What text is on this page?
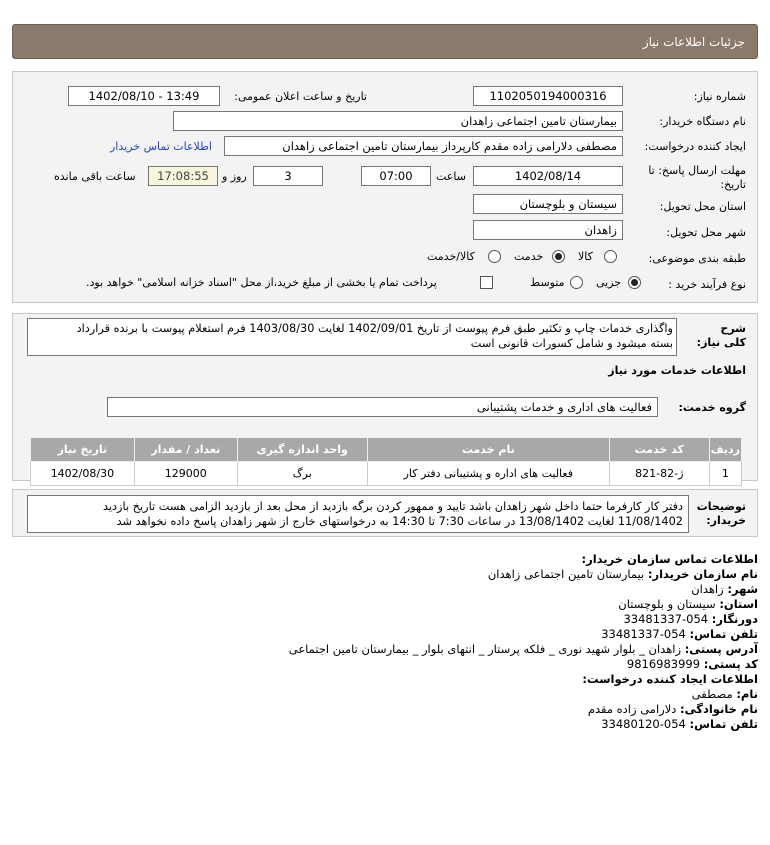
جزئیات اطلاعات نیاز
شماره نیاز:
1102050194000316
تاریخ و ساعت اعلان عمومی:
1402/08/10 - 13:49
نام دستگاه خریدار:
بیمارستان تامین اجتماعی زاهدان
ایجاد کننده درخواست:
مصطفی دلارامی زاده مقدم کارپرداز بیمارستان تامین اجتماعی زاهدان
اطلاعات تماس خریدار
مهلت ارسال پاسخ: تا تاریخ:
1402/08/14
ساعت
07:00
3
روز و
17:08:55
ساعت باقی مانده
استان محل تحویل:
سیستان و بلوچستان
شهر محل تحویل:
زاهدان
طبقه بندی موضوعی:
کالا
خدمت
کالا/خدمت
نوع فرآیند خرید :
جزیی
متوسط
پرداخت تمام یا بخشی از مبلغ خرید،از محل "اسناد خزانه اسلامی" خواهد بود.
شرح کلی نیاز:
واگذاری خدمات چاپ و تکثیر طبق فرم پیوست از تاریخ 1402/09/01 لغایت 1403/08/30 فرم استعلام پیوست با برنده قرارداد
بسته میشود و شامل کسورات قانونی است
اطلاعات خدمات مورد نیاز
گروه خدمت:
فعالیت های اداری و خدمات پشتیبانی
ردیف	کد خدمت	نام خدمت	واحد اندازه گیری	تعداد / مقدار	تاریخ نیاز
1	ژ-82-821	فعالیت های اداره و پشتیبانی دفتر کار	برگ	129000	1402/08/30
توضیحات خریدار:
دفتر کار کارفرما حتما داخل شهر زاهدان باشد تایید و ممهور کردن برگه بازدید از محل بعد از بازدید الزامی هست تاریخ بازدید
11/08/1402 لغایت 13/08/1402 در ساعات 7:30 تا 14:30 به درخواستهای خارج از شهر زاهدان پاسخ داده نخواهد شد
اطلاعات تماس سازمان خریدار:
نام سازمان خریدار: بیمارستان تامین اجتماعی زاهدان
شهر: زاهدان
استان: سیستان و بلوچستان
دورنگار: 054-33481337
تلفن تماس: 054-33481337
آدرس پستی: زاهدان _ بلوار شهید نوری _ فلکه پرستار _ انتهای بلوار _ بیمارستان تامین اجتماعی
کد پستی: 9816983999
اطلاعات ایجاد کننده درخواست:
نام: مصطفی
نام خانوادگی: دلارامی زاده مقدم
تلفن تماس: 054-33480120
